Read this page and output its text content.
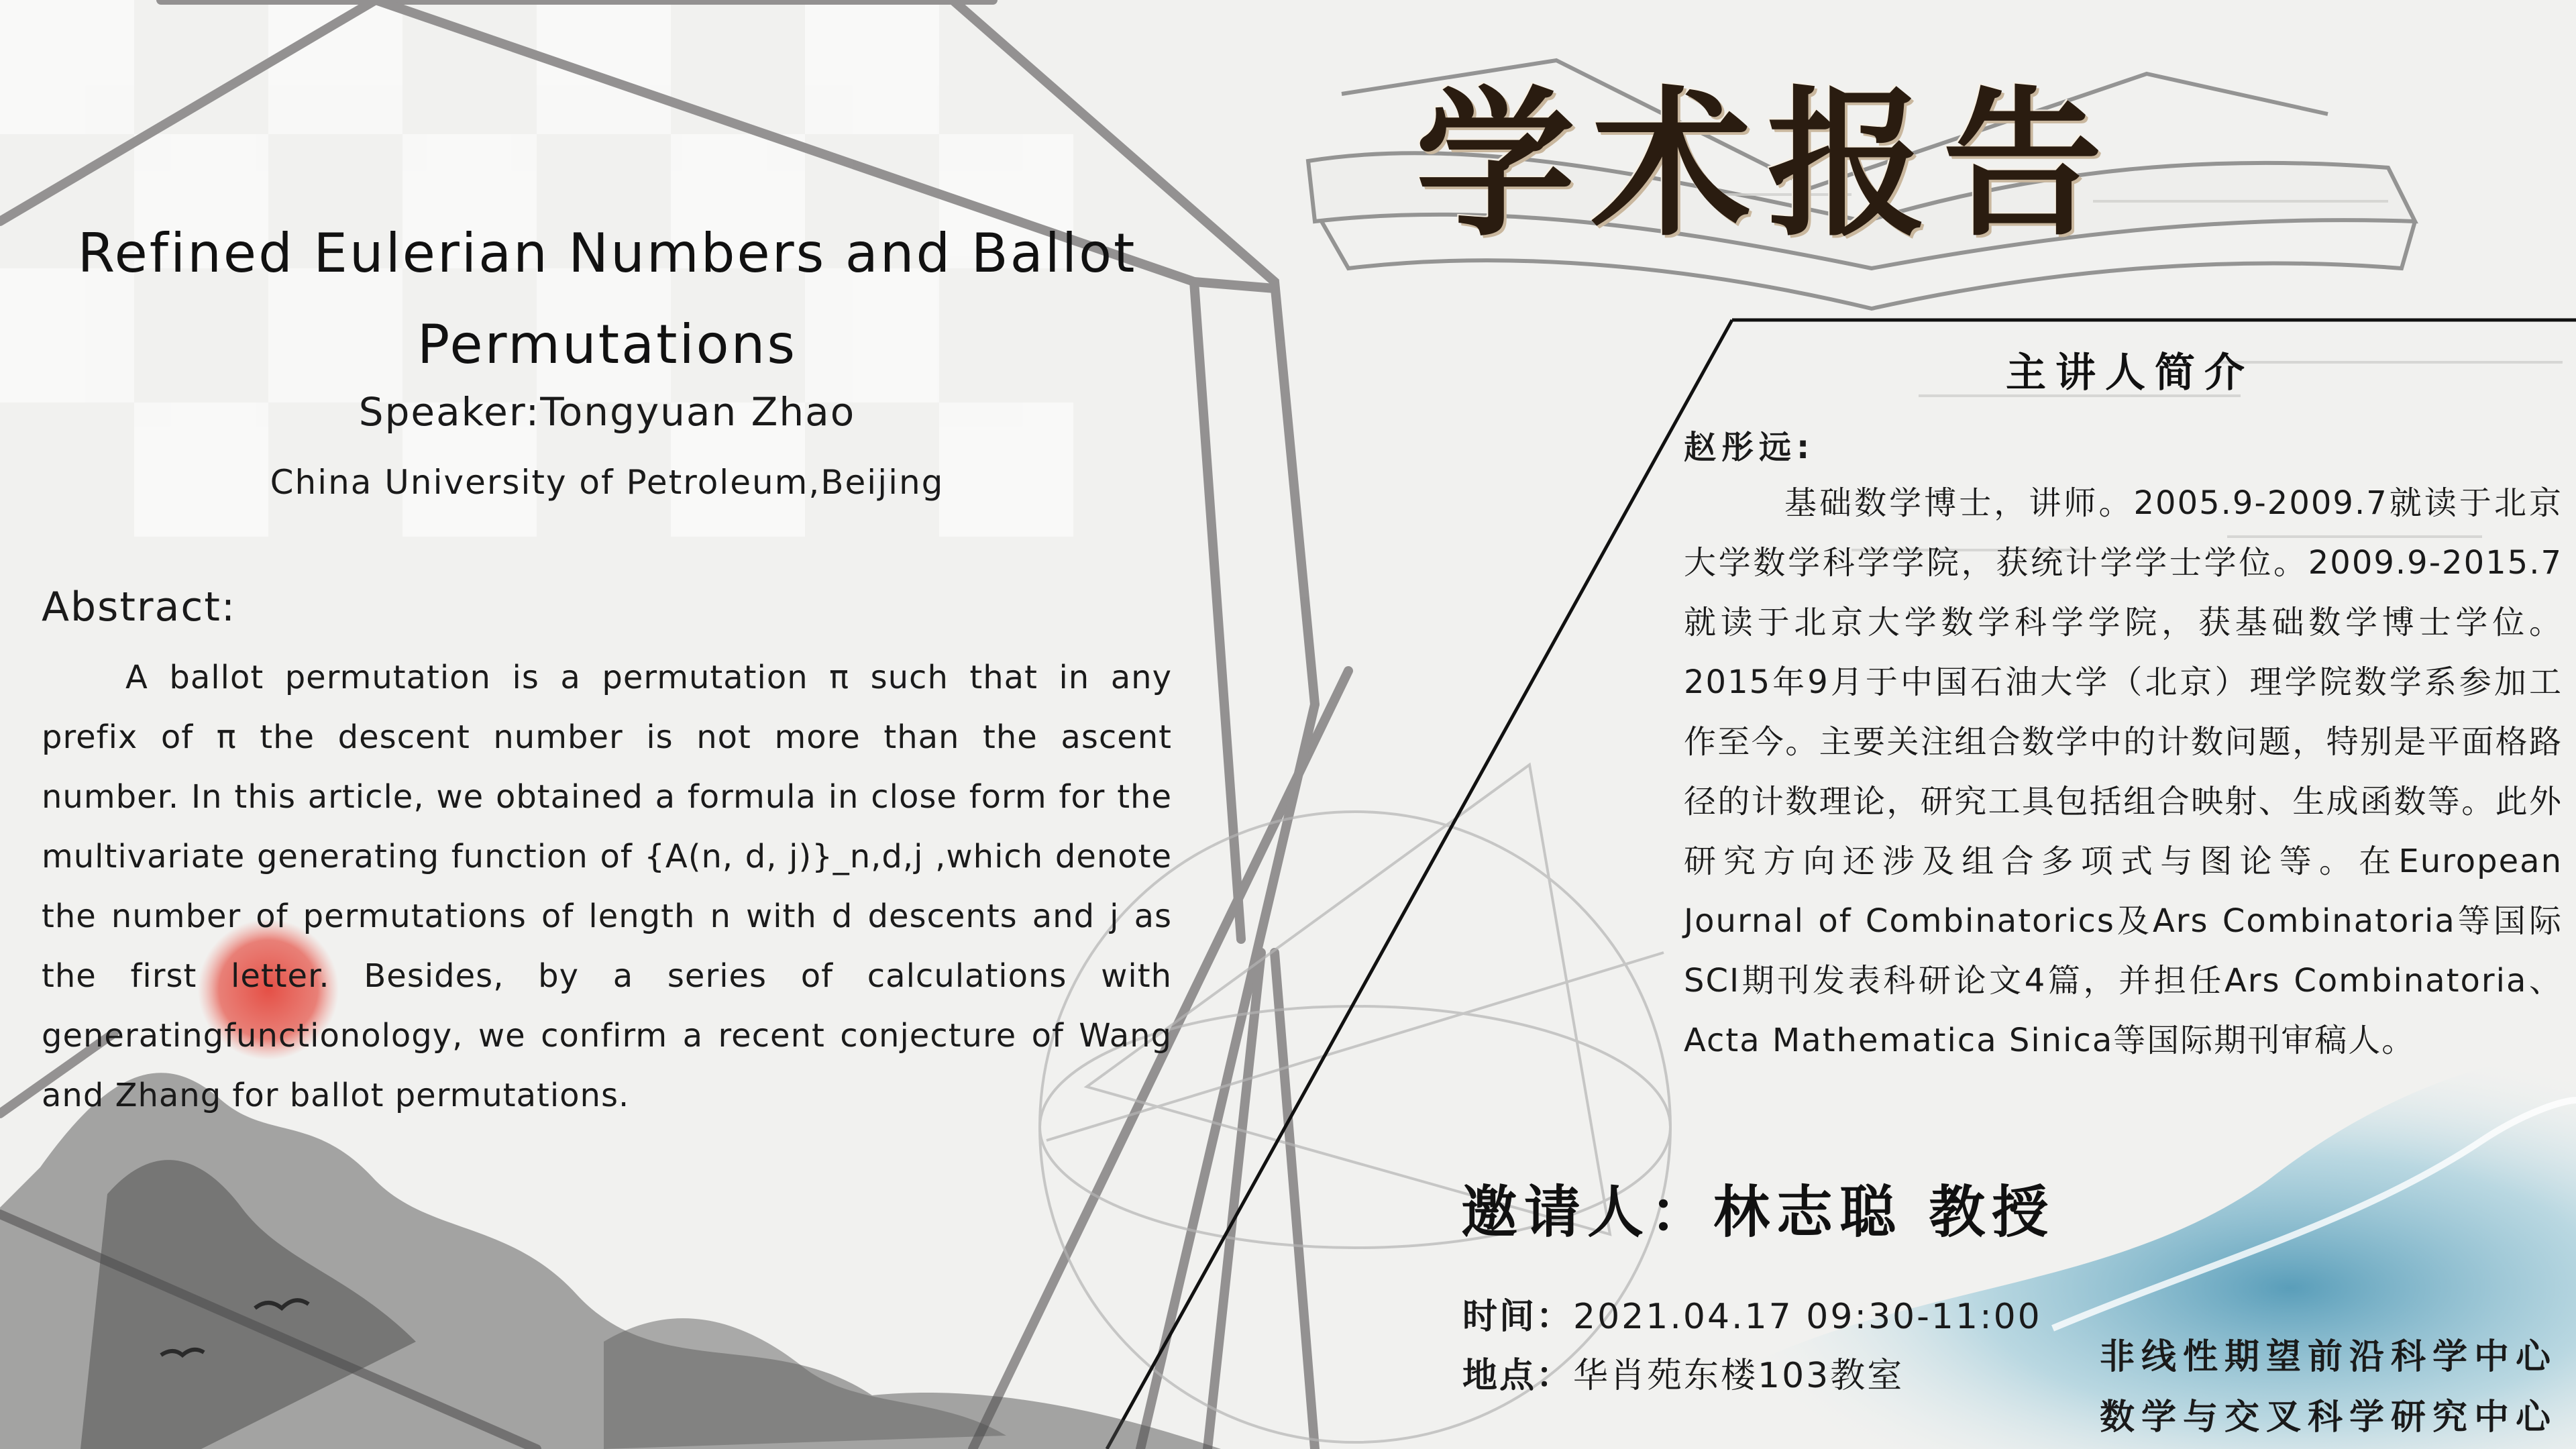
Refined Eulerian Numbers and Ballot Permutations
Speaker:Tongyuan Zhao
China University of Petroleum,Beijing
Abstract:
A ballot permutation is a permutation π such that in any prefix of π the descent number is not more than the ascent number. In this article, we obtained a formula in close form for the multivariate generating function of {A(n, d, j)}_n,d,j ,which denote the number of permutations of length n with d descents and j as the first letter. Besides, by a series of calculations with generatingfunctionology, we confirm a recent conjecture of Wang and Zhang for ballot permutations.
学术报告
主讲人简介
赵彤远:
基础数学博士，讲师。2005.9-2009.7就读于北京大学数学科学学院，获统计学学士学位。2009.9-2015.7就读于北京大学数学科学学院，获基础数学博士学位。2015年9月于中国石油大学（北京）理学院数学系参加工作至今。主要关注组合数学中的计数问题，特别是平面格路径的计数理论，研究工具包括组合映射、生成函数等。此外研究方向还涉及组合多项式与图论等。在European Journal of Combinatorics及Ars Combinatoria等国际SCI期刊发表科研论文4篇，并担任Ars Combinatoria、Acta Mathematica Sinica等国际期刊审稿人。
邀请人：林志聪 教授
时间：2021.04.17 09:30-11:00
地点：华肖苑东楼103教室	非线性期望前沿科学中心
数学与交叉科学研究中心
